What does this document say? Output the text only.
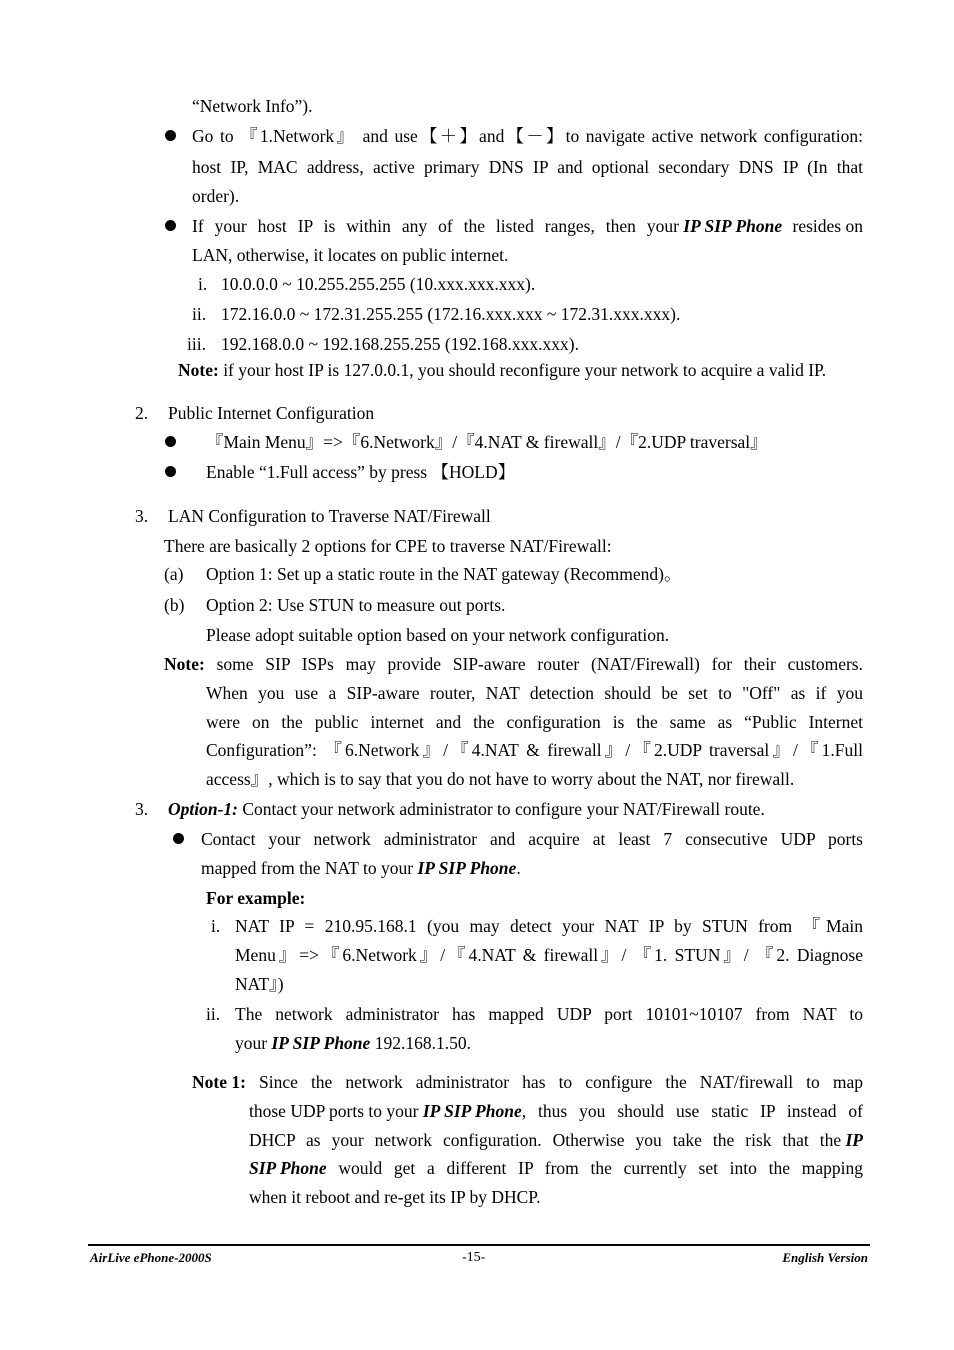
“Network Info”).
Go to 『1.Network』 and use【＋】and【－】to navigate active network configuration:
host IP, MAC address, active primary DNS IP and optional secondary DNS IP (In that
order).
If your host IP is within any of the listed ranges, then your IP SIP Phone resides on
LAN, otherwise, it locates on public internet.
i. 10.0.0.0 ~ 10.255.255.255 (10.xxx.xxx.xxx).
ii. 172.16.0.0 ~ 172.31.255.255 (172.16.xxx.xxx ~ 172.31.xxx.xxx).
iii. 192.168.0.0 ~ 192.168.255.255 (192.168.xxx.xxx).
Note: if your host IP is 127.0.0.1, you should reconfigure your network to acquire a valid IP.
2. Public Internet Configuration
『Main Menu』=>『6.Network』/『4.NAT & firewall』/『2.UDP traversal』
Enable “1.Full access” by press 【HOLD】
3. LAN Configuration to Traverse NAT/Firewall
There are basically 2 options for CPE to traverse NAT/Firewall:
(a) Option 1: Set up a static route in the NAT gateway (Recommend)。
(b) Option 2: Use STUN to measure out ports.
Please adopt suitable option based on your network configuration.
Note: some SIP ISPs may provide SIP-aware router (NAT/Firewall) for their customers.
When you use a SIP-aware router, NAT detection should be set to "Off" as if you
were on the public internet and the configuration is the same as “Public Internet
Configuration”: 『6.Network』/『4.NAT & firewall』/『2.UDP traversal』/『1.Full
access』, which is to say that you do not have to worry about the NAT, nor firewall.
3. Option-1: Contact your network administrator to configure your NAT/Firewall route.
Contact your network administrator and acquire at least 7 consecutive UDP ports
mapped from the NAT to your IP SIP Phone.
For example:
i. NAT IP = 210.95.168.1 (you may detect your NAT IP by STUN from 『Main
Menu』=>『6.Network』/『4.NAT & firewall』/ 『1. STUN』/ 『2. Diagnose
NAT』)
ii. The network administrator has mapped UDP port 10101~10107 from NAT to
your IP SIP Phone 192.168.1.50.
Note 1: Since the network administrator has to configure the NAT/firewall to map
those UDP ports to your IP SIP Phone , thus you should use static IP instead of
DHCP as your network configuration. Otherwise you take the risk that the IP
SIP Phone would get a different IP from the currently set into the mapping
when it reboot and re-get its IP by DHCP.
AirLive ePhone-2000S	-15-	English Version
